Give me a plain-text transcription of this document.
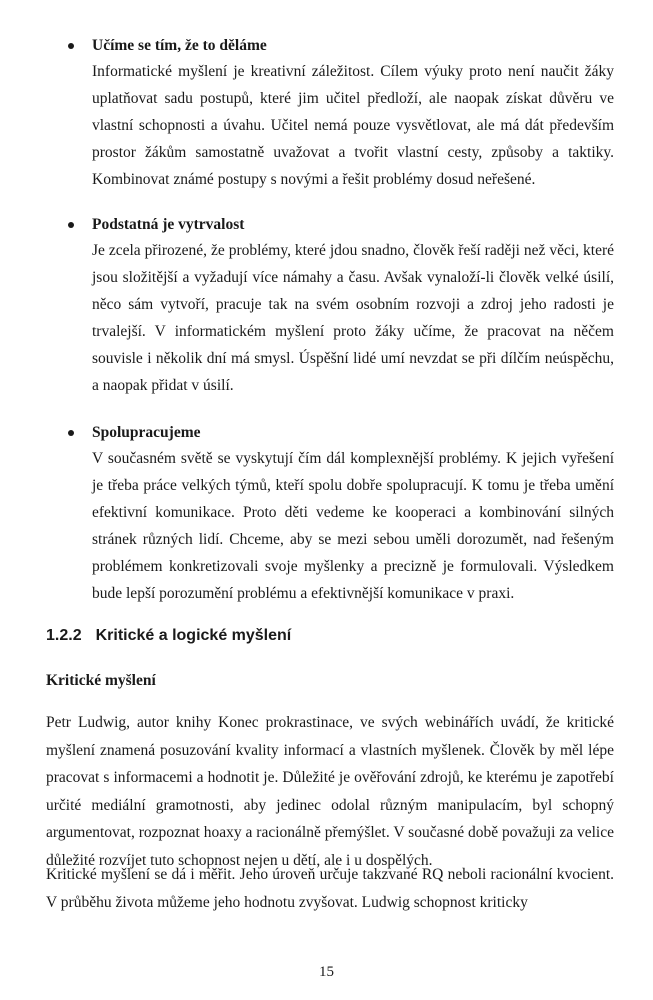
Učíme se tím, že to děláme
Informatické myšlení je kreativní záležitost. Cílem výuky proto není naučit žáky uplatňovat sadu postupů, které jim učitel předloží, ale naopak získat důvěru ve vlastní schopnosti a úvahu. Učitel nemá pouze vysvětlovat, ale má dát především prostor žákům samostatně uvažovat a tvořit vlastní cesty, způsoby a taktiky. Kombinovat známé postupy s novými a řešit problémy dosud neřešené.
Podstatná je vytrvalost
Je zcela přirozené, že problémy, které jdou snadno, člověk řeší raději než věci, které jsou složitější a vyžadují více námahy a času. Avšak vynaloží-li člověk velké úsilí, něco sám vytvoří, pracuje tak na svém osobním rozvoji a zdroj jeho radosti je trvalejší. V informatickém myšlení proto žáky učíme, že pracovat na něčem souvisle i několik dní má smysl. Úspěšní lidé umí nevzdat se při dílčím neúspěchu, a naopak přidat v úsilí.
Spolupracujeme
V současném světě se vyskytují čím dál komplexnější problémy. K jejich vyřešení je třeba práce velkých týmů, kteří spolu dobře spolupracují. K tomu je třeba umění efektivní komunikace. Proto děti vedeme ke kooperaci a kombinování silných stránek různých lidí. Chceme, aby se mezi sebou uměli dorozumět, nad řešeným problémem konkretizovali svoje myšlenky a precizně je formulovali. Výsledkem bude lepší porozumění problému a efektivnější komunikace v praxi.
1.2.2 Kritické a logické myšlení
Kritické myšlení
Petr Ludwig, autor knihy Konec prokrastinace, ve svých webinářích uvádí, že kritické myšlení znamená posuzování kvality informací a vlastních myšlenek. Člověk by měl lépe pracovat s informacemi a hodnotit je. Důležité je ověřování zdrojů, ke kterému je zapotřebí určité mediální gramotnosti, aby jedinec odolal různým manipulacím, byl schopný argumentovat, rozpoznat hoaxy a racionálně přemýšlet. V současné době považuji za velice důležité rozvíjet tuto schopnost nejen u dětí, ale i u dospělých.
Kritické myšlení se dá i měřit. Jeho úroveň určuje takzvané RQ neboli racionální kvocient. V průběhu života můžeme jeho hodnotu zvyšovat. Ludwig schopnost kriticky
15
